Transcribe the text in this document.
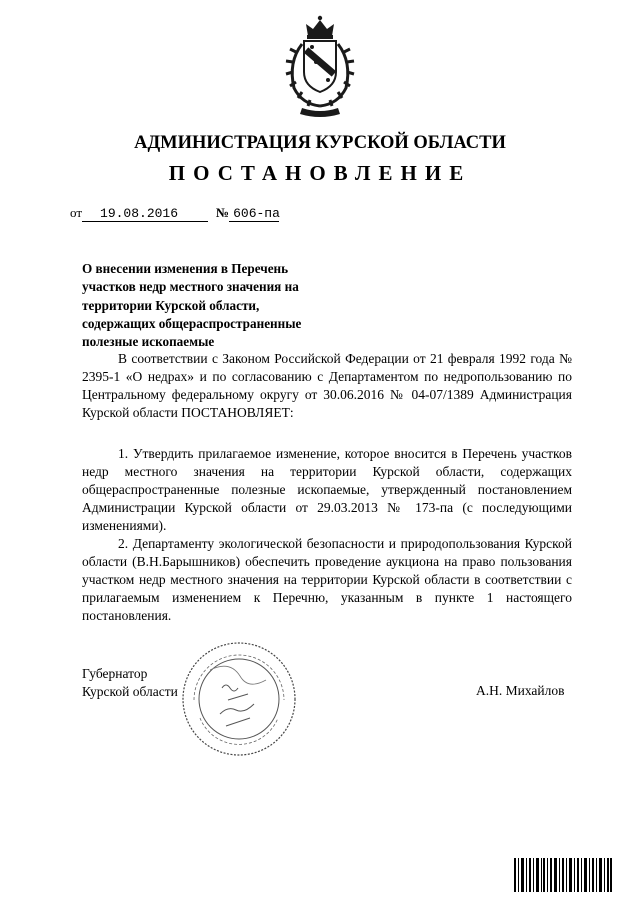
АДМИНИСТРАЦИЯ КУРСКОЙ ОБЛАСТИ
ПОСТАНОВЛЕНИЕ
от 19.08.2016	№ 606-па
О внесении изменения в Перечень
участков недр местного значения на
территории Курской области,
содержащих общераспространенные
полезные ископаемые
В соответствии с Законом Российской Федерации от 21 февраля 1992 года № 2395-1 «О недрах» и по согласованию с Департаментом по недропользованию по Центральному федеральному округу от 30.06.2016 № 04-07/1389 Администрация Курской области ПОСТАНОВЛЯЕТ:
1. Утвердить прилагаемое изменение, которое вносится в Перечень участков недр местного значения на территории Курской области, содержащих общераспространенные полезные ископаемые, утвержденный постановлением Администрации Курской области от 29.03.2013 № 173-па (с последующими изменениями).
2. Департаменту экологической безопасности и природопользования Курской области (В.Н.Барышников) обеспечить проведение аукциона на право пользования участком недр местного значения на территории Курской области в соответствии с прилагаемым изменением к Перечню, указанным в пункте 1 настоящего постановления.
Губернатор
Курской области	А.Н. Михайлов
